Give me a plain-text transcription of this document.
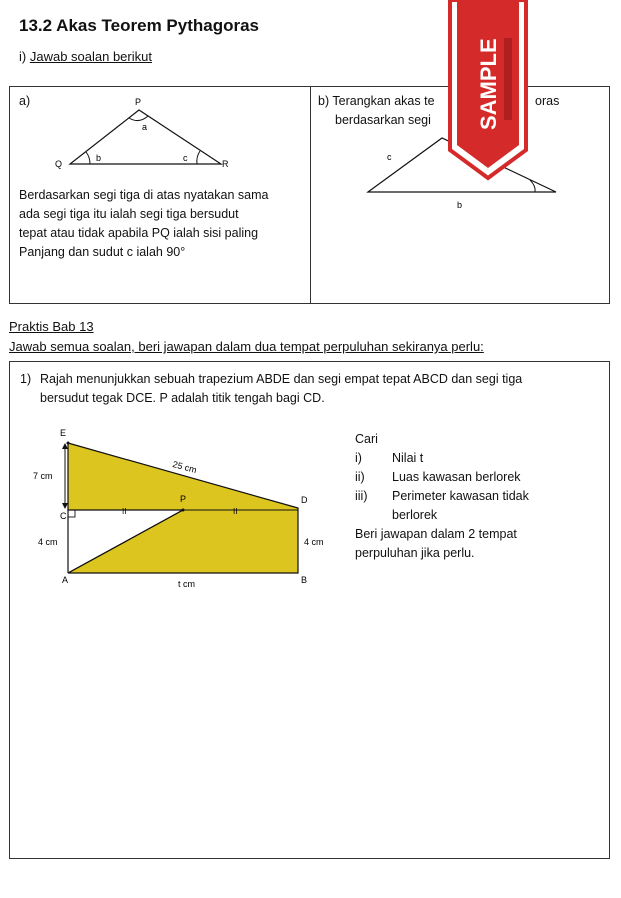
13.2 Akas Teorem Pythagoras
i) Jawab soalan berikut
a)	P
a
Q
b	c
R
Berdasarkan segi tiga di atas nyatakan sama
ada segi tiga itu ialah segi tiga bersudut
tepat atau tidak apabila PQ ialah sisi paling
Panjang dan sudut c ialah 90°
b) Terangkan akas te	oras
berdasarkan segi
c
b
SAMPLE
Praktis Bab 13
Jawab semua soalan, beri jawapan dalam dua tempat perpuluhan sekiranya perlu:
1) Rajah menunjukkan sebuah trapezium ABDE dan segi empat tepat ABCD dan segi tiga
bersudut tegak DCE. P adalah titik tengah bagi CD.
E
7 cm
25 cm
C
P	D
II	II
4 cm	4 cm
A	t cm	B
Cari
i) Nilai t
ii) Luas kawasan berlorek
iii) Perimeter kawasan tidak
berlorek
Beri jawapan dalam 2 tempat
perpuluhan jika perlu.
